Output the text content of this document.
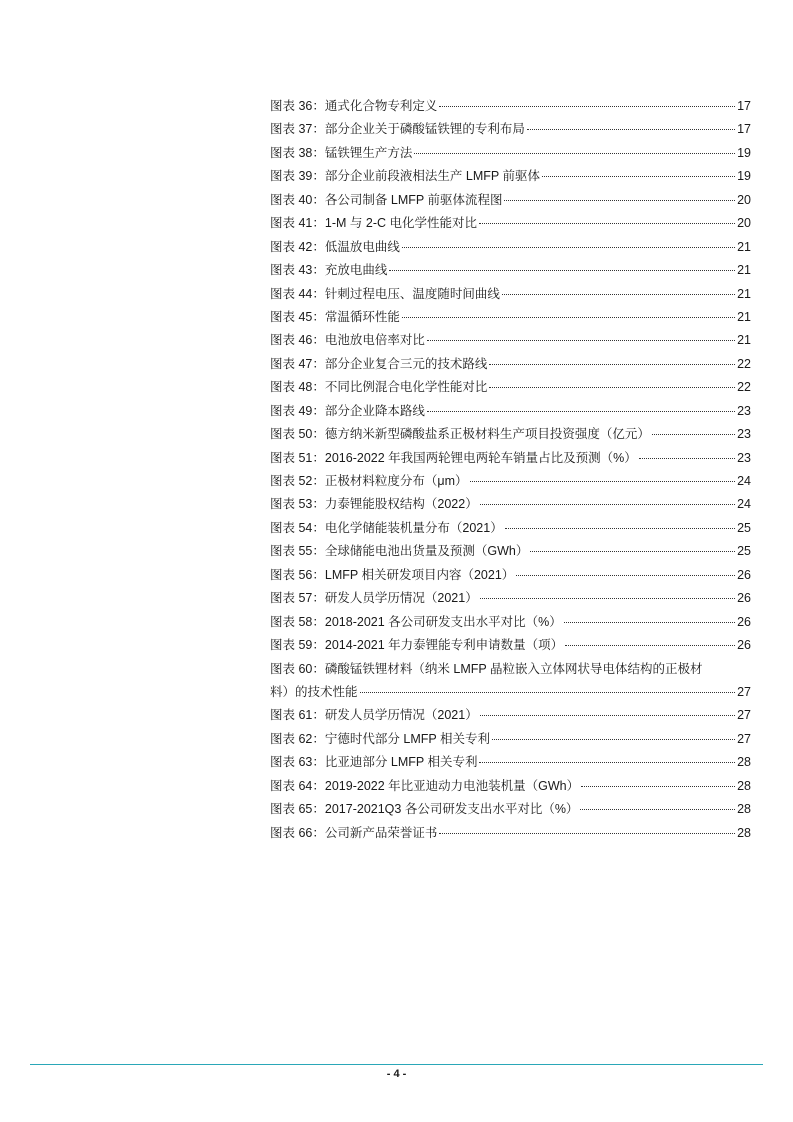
图表 36： 通式化合物专利定义	17
图表 37： 部分企业关于磷酸锰铁锂的专利布局	17
图表 38： 锰铁锂生产方法	19
图表 39： 部分企业前段液相法生产 LMFP 前驱体	19
图表 40： 各公司制备 LMFP 前驱体流程图	20
图表 41： 1-M 与 2-C 电化学性能对比	20
图表 42： 低温放电曲线	21
图表 43： 充放电曲线	21
图表 44： 针刺过程电压、温度随时间曲线	21
图表 45： 常温循环性能	21
图表 46： 电池放电倍率对比	21
图表 47： 部分企业复合三元的技术路线	22
图表 48： 不同比例混合电化学性能对比	22
图表 49： 部分企业降本路线	23
图表 50： 德方纳米新型磷酸盐系正极材料生产项目投资强度（亿元）	23
图表 51： 2016-2022 年我国两轮锂电两轮车销量占比及预测（%）	23
图表 52： 正极材料粒度分布（μm）	24
图表 53： 力泰锂能股权结构（2022）	24
图表 54： 电化学储能装机量分布（2021）	25
图表 55： 全球储能电池出货量及预测（GWh）	25
图表 56： LMFP 相关研发项目内容（2021）	26
图表 57： 研发人员学历情况（2021）	26
图表 58： 2018-2021 各公司研发支出水平对比（%）	26
图表 59： 2014-2021 年力泰锂能专利申请数量（项）	26
图表 60：磷酸锰铁锂材料（纳米 LMFP 晶粒嵌入立体网状导电体结构的正极材
料）的技术性能	27
图表 61： 研发人员学历情况（2021）	27
图表 62： 宁德时代部分 LMFP 相关专利	27
图表 63： 比亚迪部分 LMFP 相关专利	28
图表 64： 2019-2022 年比亚迪动力电池装机量（GWh）	28
图表 65： 2017-2021Q3 各公司研发支出水平对比（%）	28
图表 66： 公司新产品荣誉证书	28
- 4 -
